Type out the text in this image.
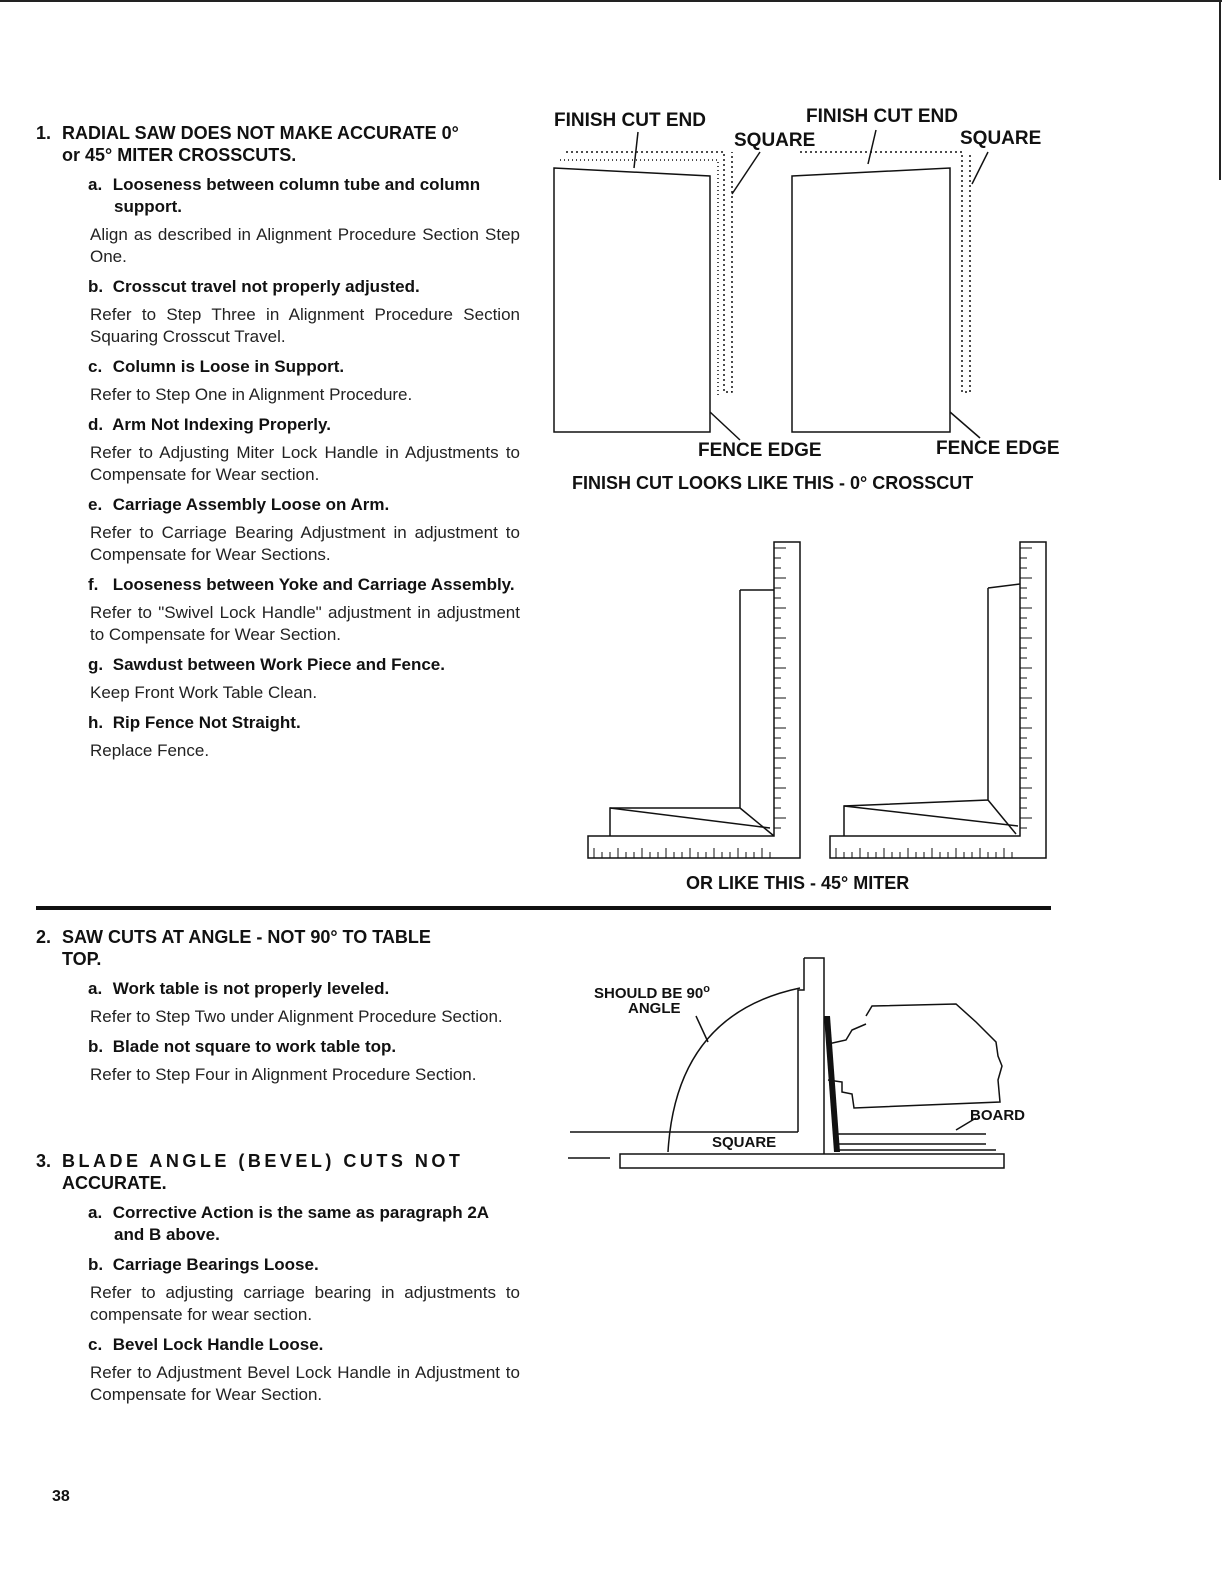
1. RADIAL SAW DOES NOT MAKE ACCURATE 0°
or 45° MITER CROSSCUTS.
a. Looseness between column tube and column support.
Align as described in Alignment Procedure Section Step One.
b. Crosscut travel not properly adjusted.
Refer to Step Three in Alignment Procedure Section Squaring Crosscut Travel.
c. Column is Loose in Support.
Refer to Step One in Alignment Procedure.
d. Arm Not Indexing Properly.
Refer to Adjusting Miter Lock Handle in Adjustments to Compensate for Wear section.
e. Carriage Assembly Loose on Arm.
Refer to Carriage Bearing Adjustment in adjustment to Compensate for Wear Sections.
f. Looseness between Yoke and Carriage Assembly.
Refer to "Swivel Lock Handle" adjustment in adjustment to Compensate for Wear Section.
g. Sawdust between Work Piece and Fence.
Keep Front Work Table Clean.
h. Rip Fence Not Straight.
Replace Fence.
2. SAW CUTS AT ANGLE - NOT 90° TO TABLE
TOP.
a. Work table is not properly leveled.
Refer to Step Two under Alignment Procedure Section.
b. Blade not square to work table top.
Refer to Step Four in Alignment Procedure Section.
3. BLADE ANGLE (BEVEL) CUTS NOT
ACCURATE.
a. Corrective Action is the same as paragraph 2A and B above.
b. Carriage Bearings Loose.
Refer to adjusting carriage bearing in adjustments to compensate for wear section.
c. Bevel Lock Handle Loose.
Refer to Adjustment Bevel Lock Handle in Adjustment to Compensate for Wear Section.
FINISH CUT END
SQUARE
FINISH CUT END
SQUARE
FENCE EDGE	FENCE EDGE
FINISH CUT LOOKS LIKE THIS - 0° CROSSCUT
OR LIKE THIS - 45° MITER
SHOULD BE 90$^o$
ANGLE
SQUARE
BOARD
38
